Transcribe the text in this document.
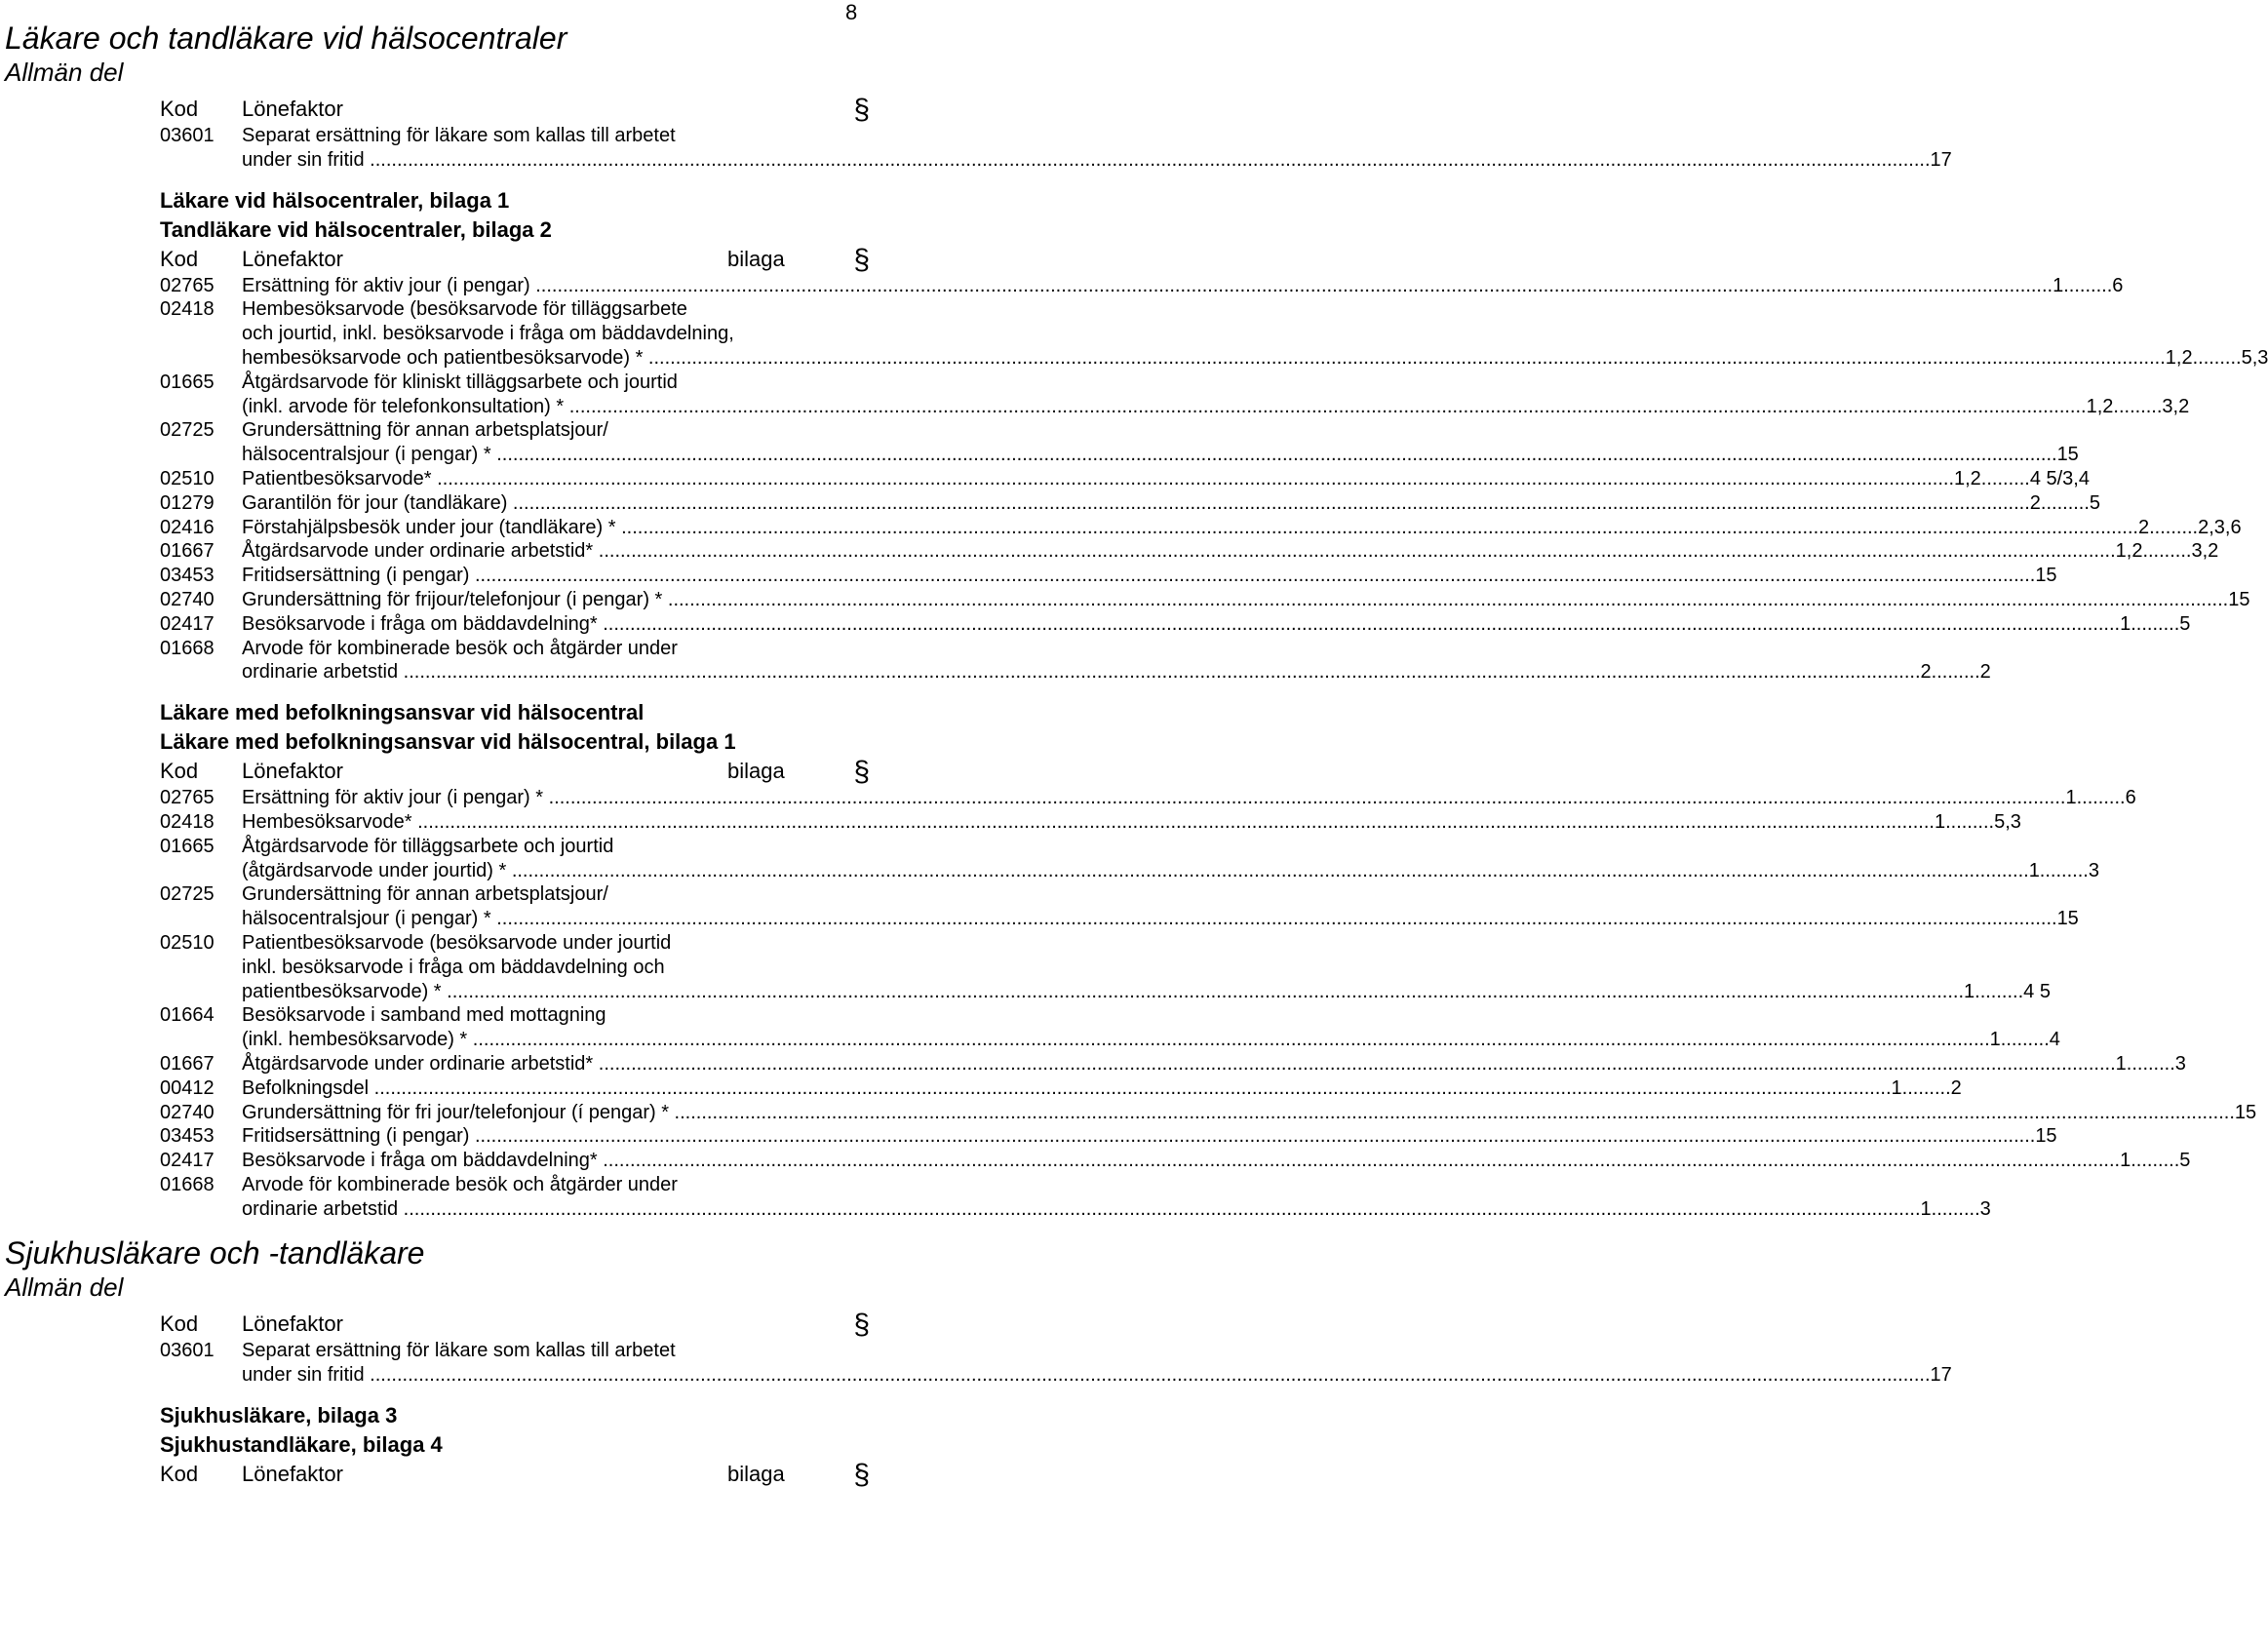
8
Läkare och tandläkare vid hälsocentraler
Allmän del
Kod Lönefaktor	§
03601	Separat ersättning för läkare som kallas till arbetet
under sin fritid .....	........ 17
Läkare vid hälsocentraler, bilaga 1
Tandläkare vid hälsocentraler, bilaga 2
Kod Lönefaktor	bilaga §
02765	Ersättning för aktiv jour (i pengar) .....	1. ........ 6
02418	Hembesöksarvode (besöksarvode för tilläggsarbete
och jourtid, inkl. besöksarvode i fråga om bäddavdelning,
hembesöksarvode och patientbesöksarvode) * .....	1,2. ........ 5,3
01665	Åtgärdsarvode för kliniskt tilläggsarbete och jourtid
(inkl. arvode för telefonkonsultation) * .....	1,2. ........ 3,2
02725	Grundersättning för annan arbetsplatsjour/
hälsocentralsjour (i pengar) * .....	........ 15
02510	Patientbesöksarvode* .....	1,2. ........ 4 5/3,4
01279	Garantilön för jour (tandläkare) .....	2. ........ 5
02416	Förstahjälpsbesök under jour (tandläkare) * .....	2. ........ 2,3,6
01667	Åtgärdsarvode under ordinarie arbetstid* .....	1,2. ........ 3,2
03453	Fritidsersättning (i pengar) .....	........ 15
02740	Grundersättning för frijour/telefonjour (i pengar) * .....	........ 15
02417	Besöksarvode i fråga om bäddavdelning* .....	1. ........ 5
01668	Arvode för kombinerade besök och åtgärder under
ordinarie arbetstid .....	2. ........ 2
Läkare med befolkningsansvar vid hälsocentral
Läkare med befolkningsansvar vid hälsocentral, bilaga 1
Kod Lönefaktor	bilaga §
02765	Ersättning för aktiv jour (i pengar) * .....	1. ........ 6
02418	Hembesöksarvode* .....	1. ........ 5,3
01665	Åtgärdsarvode för tilläggsarbete och jourtid
(åtgärdsarvode under jourtid) * .....	1. ........ 3
02725	Grundersättning för annan arbetsplatsjour/
hälsocentralsjour (i pengar) * .....	........ 15
02510	Patientbesöksarvode (besöksarvode under jourtid
inkl. besöksarvode i fråga om bäddavdelning och
patientbesöksarvode) * .....	1. ........ 4 5
01664	Besöksarvode i samband med mottagning
(inkl. hembesöksarvode) * .....	1. ........ 4
01667	Åtgärdsarvode under ordinarie arbetstid* .....	1. ........ 3
00412	Befolkningsdel .....	1. ........ 2
02740	Grundersättning för fri jour/telefonjour (í pengar) * .....	........ 15
03453	Fritidsersättning (i pengar) .....	........ 15
02417	Besöksarvode i fråga om bäddavdelning* .....	1. ........ 5
01668	Arvode för kombinerade besök och åtgärder under
ordinarie arbetstid .....	1. ........ 3
Sjukhusläkare och -tandläkare
Allmän del
Kod Lönefaktor	§
03601	Separat ersättning för läkare som kallas till arbetet
under sin fritid .....	........ 17
Sjukhusläkare, bilaga 3
Sjukhustandläkare, bilaga 4
Kod Lönefaktor	bilaga §
